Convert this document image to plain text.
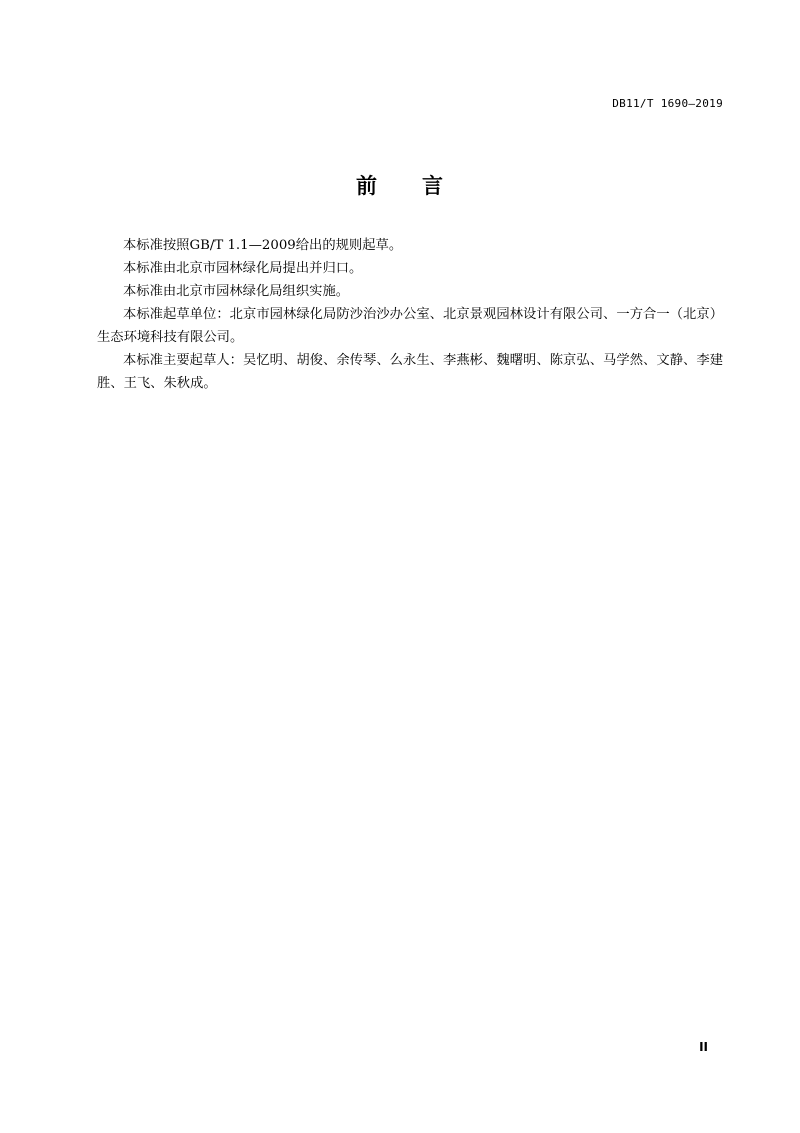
DB11/T 1690—2019
前 言

本标准按照GB/T 1.1—2009给出的规则起草。

本标准由北京市园林绿化局提出并归口。

本标准由北京市园林绿化局组织实施。

本标准起草单位：北京市园林绿化局防沙治沙办公室、北京景观园林设计有限公司、一方合一（北京）生态环境科技有限公司。

本标准主要起草人：吴忆明、胡俊、余传琴、么永生、李燕彬、魏曙明、陈京弘、马学然、文静、李建胜、王飞、朱秋成。

II
